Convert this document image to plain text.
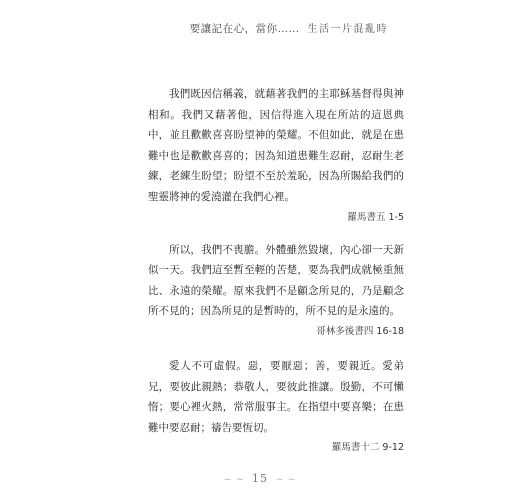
要讓記在心，當你…… 生活一片混亂時

我們既因信稱義，就藉著我們的主耶穌基督得與神相和。我們又藉著他，因信得進入現在所站的這恩典中，並且歡歡喜喜盼望神的榮耀。不但如此，就是在患難中也是歡歡喜喜的；因為知道患難生忍耐，忍耐生老練，老練生盼望；盼望不至於羞恥，因為所賜給我們的聖靈將神的愛澆灌在我們心裡。

羅馬書五 1-5

所以，我們不喪膽。外體雖然毀壞，內心卻一天新似一天。我們這至暫至輕的苦楚，要為我們成就極重無比、永遠的榮耀。原來我們不是顧念所見的，乃是顧念所不見的；因為所見的是暫時的，所不見的是永遠的。

哥林多後書四 16-18

愛人不可虛假。惡，要厭惡；善，要親近。愛弟兄，要彼此親熱；恭敬人，要彼此推讓。殷勤，不可懶惰；要心裡火熱，常常服事主。在指望中要喜樂；在患難中要忍耐；禱告要恆切。

羅馬書十二 9-12

~ ~ 15 ~ ~
